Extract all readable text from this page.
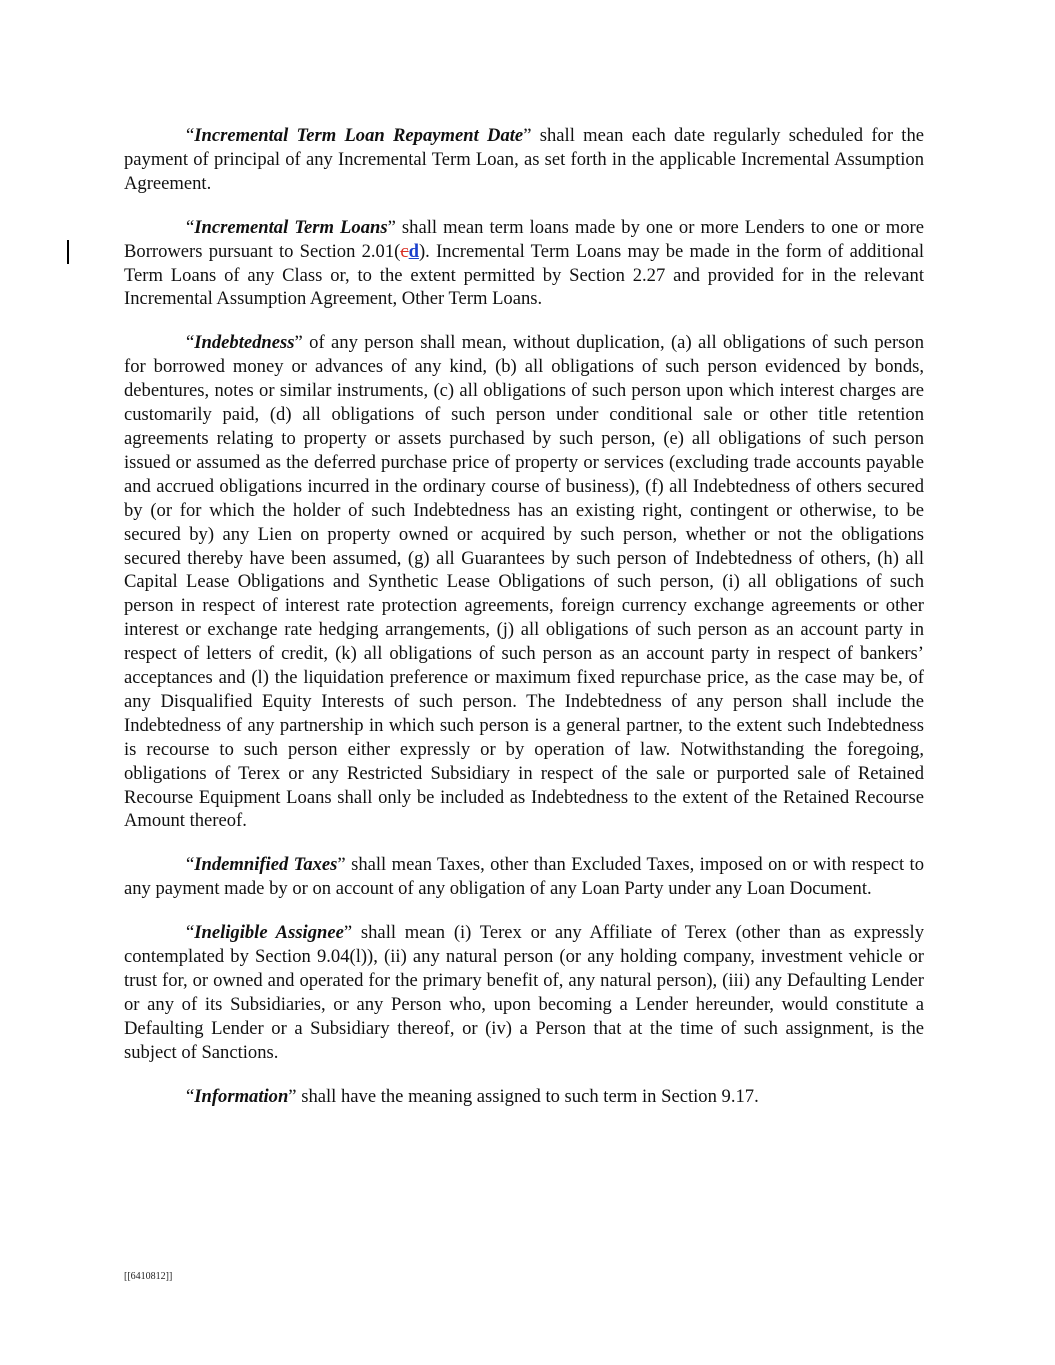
“Incremental Term Loan Repayment Date” shall mean each date regularly scheduled for the payment of principal of any Incremental Term Loan, as set forth in the applicable Incremental Assumption Agreement.

“Incremental Term Loans” shall mean term loans made by one or more Lenders to one or more Borrowers pursuant to Section 2.01(cd). Incremental Term Loans may be made in the form of additional Term Loans of any Class or, to the extent permitted by Section 2.27 and provided for in the relevant Incremental Assumption Agreement, Other Term Loans.

“Indebtedness” of any person shall mean, without duplication, (a) all obligations of such person for borrowed money or advances of any kind, (b) all obligations of such person evidenced by bonds, debentures, notes or similar instruments, (c) all obligations of such person upon which interest charges are customarily paid, (d) all obligations of such person under conditional sale or other title retention agreements relating to property or assets purchased by such person, (e) all obligations of such person issued or assumed as the deferred purchase price of property or services (excluding trade accounts payable and accrued obligations incurred in the ordinary course of business), (f) all Indebtedness of others secured by (or for which the holder of such Indebtedness has an existing right, contingent or otherwise, to be secured by) any Lien on property owned or acquired by such person, whether or not the obligations secured thereby have been assumed, (g) all Guarantees by such person of Indebtedness of others, (h) all Capital Lease Obligations and Synthetic Lease Obligations of such person, (i) all obligations of such person in respect of interest rate protection agreements, foreign currency exchange agreements or other interest or exchange rate hedging arrangements, (j) all obligations of such person as an account party in respect of letters of credit, (k) all obligations of such person as an account party in respect of bankers’ acceptances and (l) the liquidation preference or maximum fixed repurchase price, as the case may be, of any Disqualified Equity Interests of such person. The Indebtedness of any person shall include the Indebtedness of any partnership in which such person is a general partner, to the extent such Indebtedness is recourse to such person either expressly or by operation of law. Notwithstanding the foregoing, obligations of Terex or any Restricted Subsidiary in respect of the sale or purported sale of Retained Recourse Equipment Loans shall only be included as Indebtedness to the extent of the Retained Recourse Amount thereof.

“Indemnified Taxes” shall mean Taxes, other than Excluded Taxes, imposed on or with respect to any payment made by or on account of any obligation of any Loan Party under any Loan Document.

“Ineligible Assignee” shall mean (i) Terex or any Affiliate of Terex (other than as expressly contemplated by Section 9.04(l)), (ii) any natural person (or any holding company, investment vehicle or trust for, or owned and operated for the primary benefit of, any natural person), (iii) any Defaulting Lender or any of its Subsidiaries, or any Person who, upon becoming a Lender hereunder, would constitute a Defaulting Lender or a Subsidiary thereof, or (iv) a Person that at the time of such assignment, is the subject of Sanctions.

“Information” shall have the meaning assigned to such term in Section 9.17.

[[6410812]]
